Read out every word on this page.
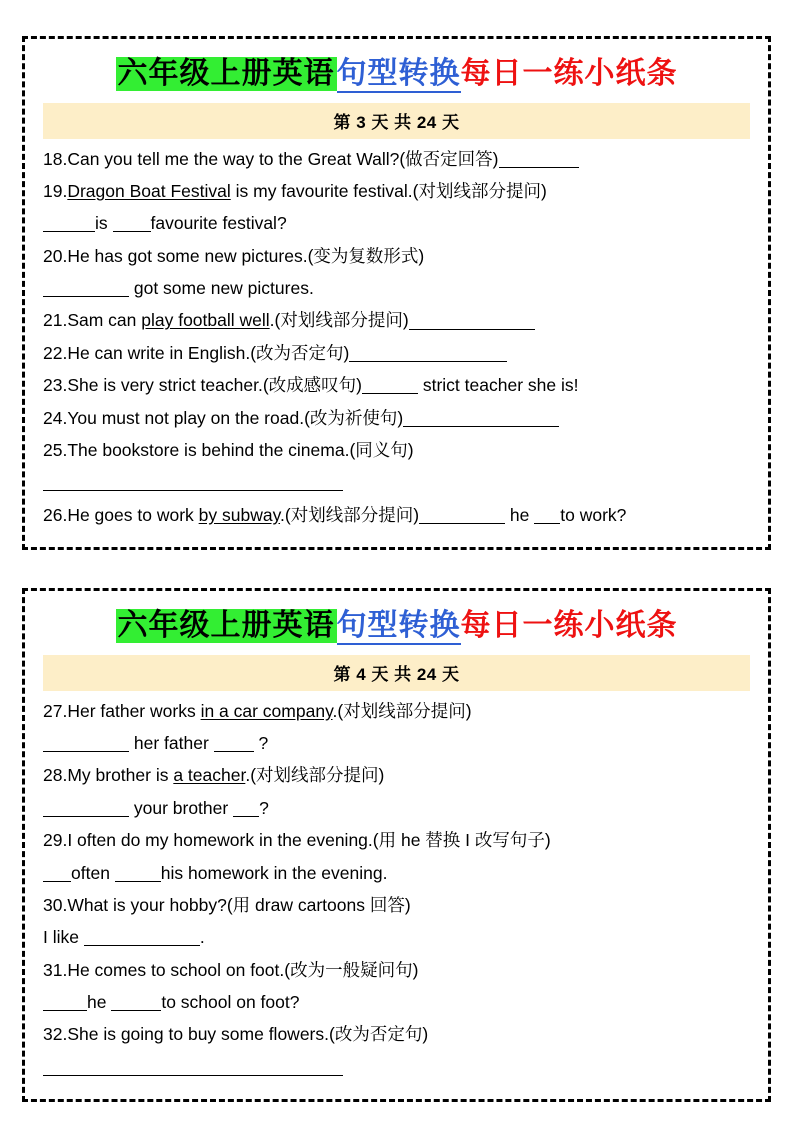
六年级上册英语 句型转换 每日一练小纸条
第 3 天 共 24 天
18.Can you tell me the way to the Great Wall?(做否定回答)
19.Dragon Boat Festival is my favourite festival.(对划线部分提问)
is favourite festival?
20.He has got some new pictures.(变为复数形式)
got some new pictures.
21.Sam can play football well.(对划线部分提问)
22.He can write in English.(改为否定句)
23.She is very strict teacher.(改成感叹句)	strict teacher she is!
24.You must not play on the road.(改为祈使句)
25.The bookstore is behind the cinema.(同义句)
26.He goes to work by subway.(对划线部分提问)	he to work?
六年级上册英语 句型转换 每日一练小纸条
第 4 天 共 24 天
27.Her father works in a car company.(对划线部分提问)
her father  ?
28.My brother is a teacher.(对划线部分提问)
your brother ?
29.I often do my homework in the evening.(用 he 替换 I 改写句子)
often	his homework in the evening.
30.What is your hobby?(用 draw cartoons 回答)
I like	.
31.He comes to school on foot.(改为一般疑问句)
he	to school on foot?
32.She is going to buy some flowers.(改为否定句)
